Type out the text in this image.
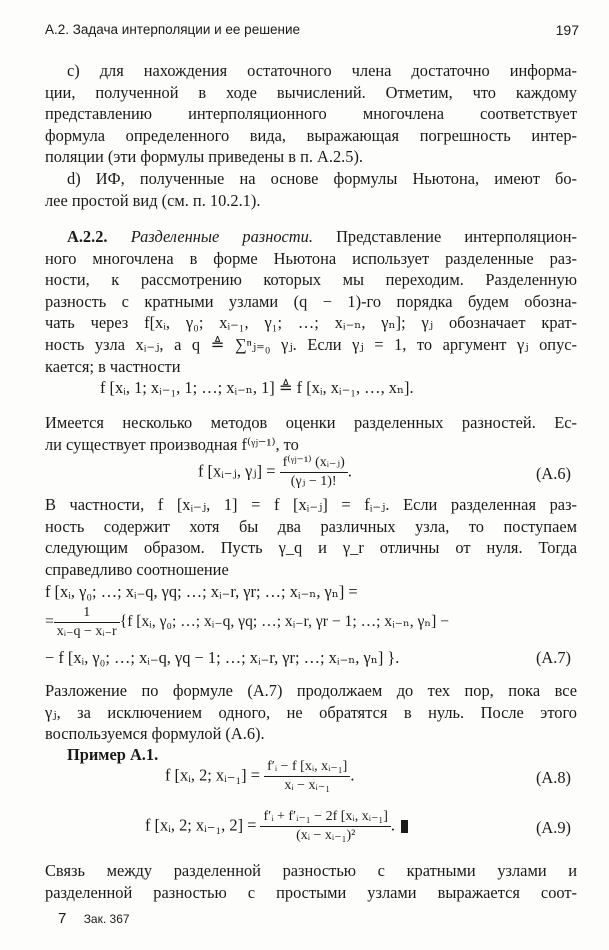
А.2. Задача интерполяции и ее решение	197
с) для нахождения остаточного члена достаточно информа-
ции, полученной в ходе вычислений. Отметим, что каждому
представлению интерполяционного многочлена соответствует
формула определенного вида, выражающая погрешность интер-
поляции (эти формулы приведены в п. А.2.5).
d) ИФ, полученные на основе формулы Ньютона, имеют бо-
лее простой вид (см. п. 10.2.1).
А.2.2. Разделенные разности. Представление интерполяцион-
ного многочлена в форме Ньютона использует разделенные раз-
ности, к рассмотрению которых мы переходим. Разделенную
разность с кратными узлами (q − 1)-го порядка будем обозна-
чать через f[xᵢ, γ₀; xᵢ₋₁, γ₁; …; xᵢ₋ₙ, γₙ]; γⱼ обозначает крат-
ность узла xᵢ₋ⱼ, а q ≜ ∑ⁿⱼ₌₀ γⱼ. Если γⱼ = 1, то аргумент γⱼ опус-
кается; в частности
f [xᵢ, 1; xᵢ₋₁, 1; …; xᵢ₋ₙ, 1] ≜ f [xᵢ, xᵢ₋₁, …, xₙ].
Имеется несколько методов оценки разделенных разностей. Ес-
ли существует производная f⁽ᵞʲ⁻¹⁾, то
f [xᵢ₋ⱼ, γⱼ] = $\frac{\text{f⁽ᵞʲ⁻¹⁾ (xᵢ₋ⱼ)}}{\text{(γⱼ − 1)!}}$ .	(А.6)
В частности, f [xᵢ₋ⱼ, 1] = f [xᵢ₋ⱼ] = fᵢ₋ⱼ. Если разделенная раз-
ность содержит хотя бы два различных узла, то поступаем
следующим образом. Пусть γ_q и γ_r отличны от нуля. Тогда
справедливо соотношение
f [xᵢ, γ₀; …; xᵢ₋q, γq; …; xᵢ₋r, γr; …; xᵢ₋ₙ, γₙ] =
= $\frac{1}{\text{xᵢ₋q − xᵢ₋r}} \{f$ [xᵢ, γ₀; …; xᵢ₋q, γq; …; xᵢ₋r, γr − 1; …; xᵢ₋ₙ, γₙ] −
− f [xᵢ, γ₀; …; xᵢ₋q, γq − 1; …; xᵢ₋r, γr; …; xᵢ₋ₙ, γₙ] }.	(А.7)
Разложение по формуле (А.7) продолжаем до тех пор, пока все
γⱼ, за исключением одного, не обратятся в нуль. После этого
воспользуемся формулой (А.6).
Пример А.1.
f [xᵢ, 2; xᵢ₋₁] = $\frac{\text{f′ᵢ − f [xᵢ, xᵢ₋₁]}}{\text{xᵢ − xᵢ₋₁}}$ .	(А.8)
f [xᵢ, 2; xᵢ₋₁, $2] = \frac{\text{f′ᵢ + f′ᵢ₋₁ − 2f [xᵢ, xᵢ₋₁]}}{\text{(xᵢ − xᵢ₋₁)²}}$ .	(А.9)
Связь между разделенной разностью с кратными узлами и
разделенной разностью с простыми узлами выражается соот-
7 Зак. 367
